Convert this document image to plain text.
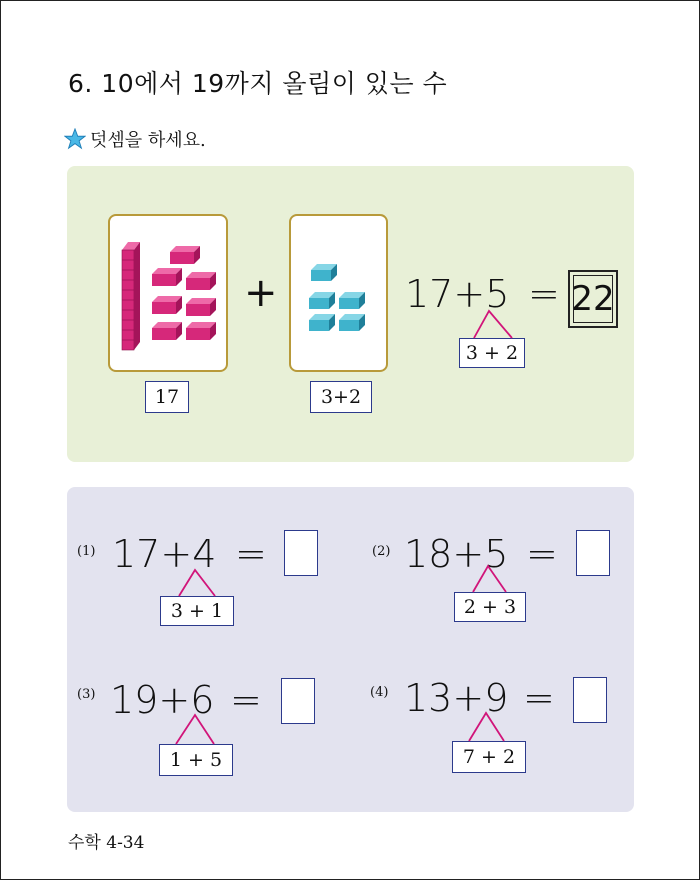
6. 10에서 19까지 올림이 있는 수
덧셈을 하세요.
17
+
3+2
17+5 = 22
3 + 2
(1) 17+4 =
3 + 1
(2) 18+5 =
2 + 3
(3) 19+6 =
1 + 5
(4) 13+9 =
7 + 2
수학 4-34
